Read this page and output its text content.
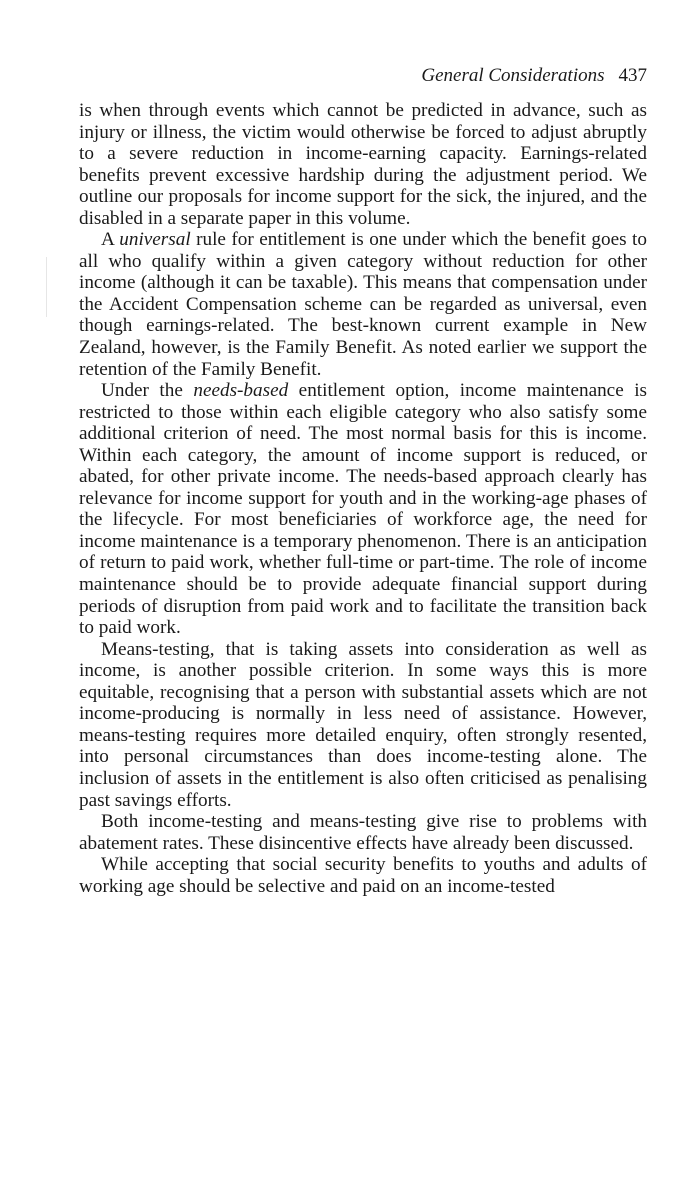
General Considerations 437

is when through events which cannot be predicted in advance, such as injury or illness, the victim would otherwise be forced to adjust abruptly to a severe reduction in income-earning capacity. Earnings-related benefits prevent excessive hardship during the adjustment period. We outline our proposals for income support for the sick, the injured, and the disabled in a separate paper in this volume.

A universal rule for entitlement is one under which the benefit goes to all who qualify within a given category without reduction for other income (although it can be taxable). This means that compensation under the Accident Compensation scheme can be regarded as universal, even though earnings-related. The best-known current example in New Zealand, however, is the Family Benefit. As noted earlier we support the retention of the Family Benefit.

Under the needs-based entitlement option, income maintenance is restricted to those within each eligible category who also satisfy some additional criterion of need. The most normal basis for this is income. Within each category, the amount of income support is reduced, or abated, for other private income. The needs-based approach clearly has relevance for income support for youth and in the working-age phases of the lifecycle. For most beneficiaries of workforce age, the need for income maintenance is a temporary phenomenon. There is an anticipation of return to paid work, whether full-time or part-time. The role of income maintenance should be to provide adequate financial support during periods of disruption from paid work and to facilitate the transition back to paid work.

Means-testing, that is taking assets into consideration as well as income, is another possible criterion. In some ways this is more equitable, recognising that a person with substantial assets which are not income-producing is normally in less need of assistance. However, means-testing requires more detailed enquiry, often strongly resented, into personal circumstances than does income-testing alone. The inclusion of assets in the entitlement is also often criticised as penalising past savings efforts.

Both income-testing and means-testing give rise to problems with abatement rates. These disincentive effects have already been discussed.

While accepting that social security benefits to youths and adults of working age should be selective and paid on an income-tested
